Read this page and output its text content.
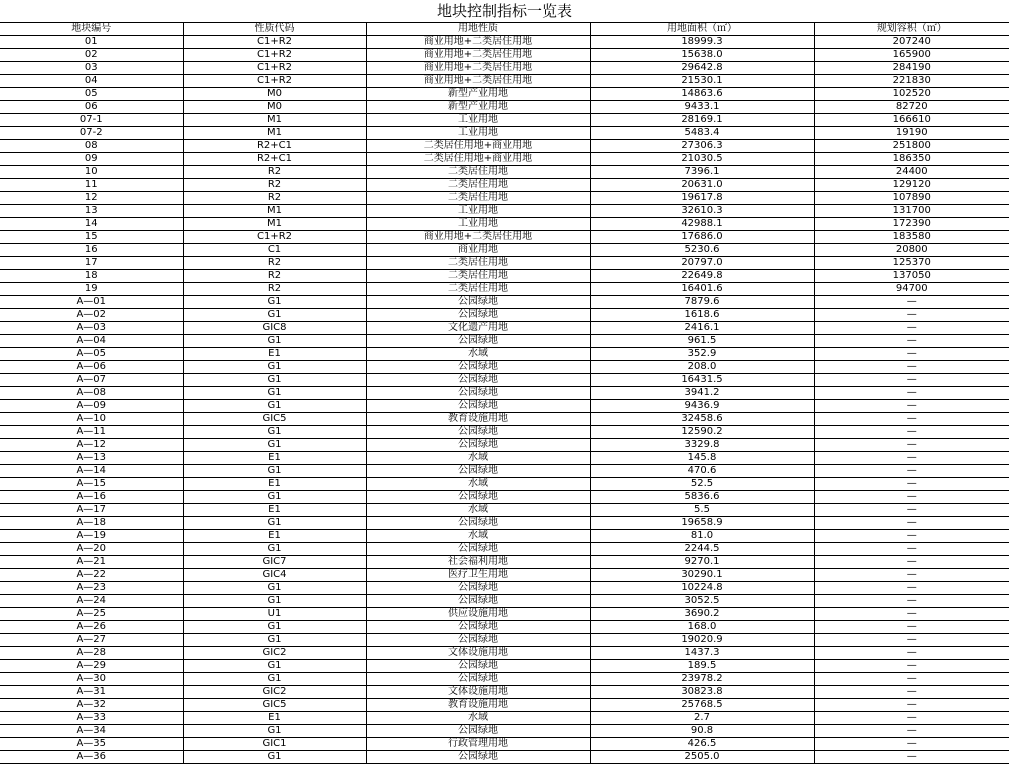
地块控制指标一览表
地块编号	性质代码	用地性质	用地面积（㎡）	规划容积（㎡）
01	C1+R2	商业用地+二类居住用地	18999.3	207240
02	C1+R2	商业用地+二类居住用地	15638.0	165900
03	C1+R2	商业用地+二类居住用地	29642.8	284190
04	C1+R2	商业用地+二类居住用地	21530.1	221830
05	M0	新型产业用地	14863.6	102520
06	M0	新型产业用地	9433.1	82720
07-1	M1	工业用地	28169.1	166610
07-2	M1	工业用地	5483.4	19190
08	R2+C1	二类居住用地+商业用地	27306.3	251800
09	R2+C1	二类居住用地+商业用地	21030.5	186350
10	R2	二类居住用地	7396.1	24400
11	R2	二类居住用地	20631.0	129120
12	R2	二类居住用地	19617.8	107890
13	M1	工业用地	32610.3	131700
14	M1	工业用地	42988.1	172390
15	C1+R2	商业用地+二类居住用地	17686.0	183580
16	C1	商业用地	5230.6	20800
17	R2	二类居住用地	20797.0	125370
18	R2	二类居住用地	22649.8	137050
19	R2	二类居住用地	16401.6	94700
A—01	G1	公园绿地	7879.6	—
A—02	G1	公园绿地	1618.6	—
A—03	GIC8	文化遗产用地	2416.1	—
A—04	G1	公园绿地	961.5	—
A—05	E1	水域	352.9	—
A—06	G1	公园绿地	208.0	—
A—07	G1	公园绿地	16431.5	—
A—08	G1	公园绿地	3941.2	—
A—09	G1	公园绿地	9436.9	—
A—10	GIC5	教育设施用地	32458.6	—
A—11	G1	公园绿地	12590.2	—
A—12	G1	公园绿地	3329.8	—
A—13	E1	水域	145.8	—
A—14	G1	公园绿地	470.6	—
A—15	E1	水域	52.5	—
A—16	G1	公园绿地	5836.6	—
A—17	E1	水域	5.5	—
A—18	G1	公园绿地	19658.9	—
A—19	E1	水域	81.0	—
A—20	G1	公园绿地	2244.5	—
A—21	GIC7	社会福利用地	9270.1	—
A—22	GIC4	医疗卫生用地	30290.1	—
A—23	G1	公园绿地	10224.8	—
A—24	G1	公园绿地	3052.5	—
A—25	U1	供应设施用地	3690.2	—
A—26	G1	公园绿地	168.0	—
A—27	G1	公园绿地	19020.9	—
A—28	GIC2	文体设施用地	1437.3	—
A—29	G1	公园绿地	189.5	—
A—30	G1	公园绿地	23978.2	—
A—31	GIC2	文体设施用地	30823.8	—
A—32	GIC5	教育设施用地	25768.5	—
A—33	E1	水域	2.7	—
A—34	G1	公园绿地	90.8	—
A—35	GIC1	行政管理用地	426.5	—
A—36	G1	公园绿地	2505.0	—
